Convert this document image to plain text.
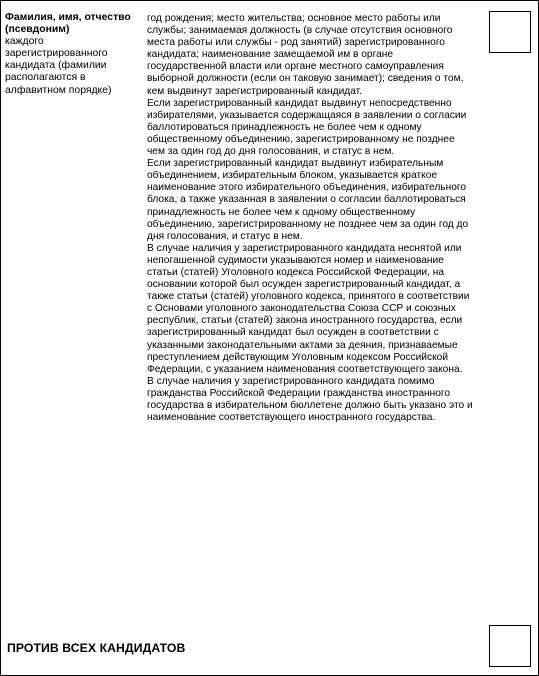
Фамилия, имя, отчество (псевдоним)
каждого зарегистрированного кандидата (фамилии располагаются в алфавитном порядке)

год рождения; место жительства; основное место работы или службы; занимаемая должность (в случае отсутствия основного места работы или службы - род занятий) зарегистрированного кандидата; наименование замещаемой им в органе государственной власти или органе местного самоуправления выборной должности (если он таковую занимает); сведения о том, кем выдвинут зарегистрированный кандидат.

Если зарегистрированный кандидат выдвинут непосредственно избирателями, указывается содержащаяся в заявлении о согласии баллотироваться принадлежность не более чем к одному общественному объединению, зарегистрированному не позднее чем за один год до дня голосования, и статус в нем.

Если зарегистрированный кандидат выдвинут избирательным объединением, избирательным блоком, указывается краткое наименование этого избирательного объединения, избирательного блока, а также указанная в заявлении о согласии баллотироваться принадлежность не более чем к одному общественному объединению, зарегистрированному не позднее чем за один год до дня голосования, и статус в нем.

В случае наличия у зарегистрированного кандидата неснятой или непогашенной судимости указываются номер и наименование статьи (статей) Уголовного кодекса Российской Федерации, на основании которой был осужден зарегистрированный кандидат, а также статьи (статей) уголовного кодекса, принятого в соответствии с Основами уголовного законодательства Союза ССР и союзных республик, статьи (статей) закона иностранного государства, если зарегистрированный кандидат был осужден в соответствии с указанными законодательными актами за деяния, признаваемые преступлением действующим Уголовным кодексом Российской Федерации, с указанием наименования соответствующего закона.

В случае наличия у зарегистрированного кандидата помимо гражданства Российской Федерации гражданства иностранного государства в избирательном бюллетене должно быть указано это и наименование соответствующего иностранного государства.

ПРОТИВ ВСЕХ КАНДИДАТОВ
